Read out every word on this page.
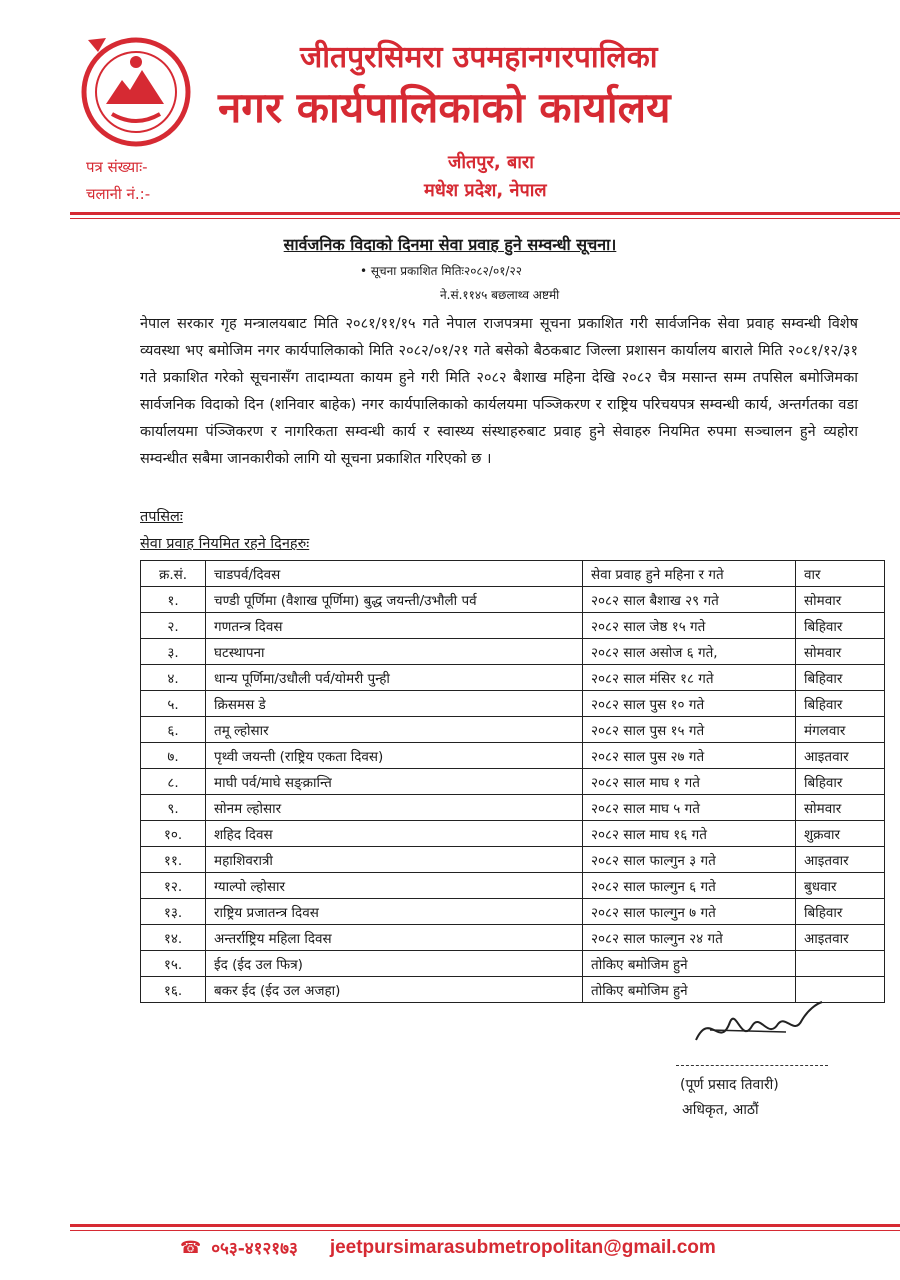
जीतपुरसिमरा उपमहानगरपालिका
नगर कार्यपालिकाको कार्यालय
जीतपुर, बारा
मधेश प्रदेश, नेपाल
पत्र संख्याः-
चलानी नं.:-
सार्वजनिक विदाको दिनमा सेवा प्रवाह हुने सम्वन्धी सूचना।
• सूचना प्रकाशित मितिः२०८२/०१/२२
ने.सं.११४५ बछलाथ्व अष्टमी
नेपाल सरकार गृह मन्त्रालयबाट मिति २०८१/११/१५ गते नेपाल राजपत्रमा सूचना प्रकाशित गरी सार्वजनिक सेवा प्रवाह सम्वन्धी विशेष व्यवस्था भए बमोजिम नगर कार्यपालिकाको मिति २०८२/०१/२१ गते बसेको बैठकबाट जिल्ला प्रशासन कार्यालय बाराले मिति २०८१/१२/३१ गते प्रकाशित गरेको सूचनासँग तादाम्यता कायम हुने गरी मिति २०८२ बैशाख महिना देखि २०८२ चैत्र मसान्त सम्म तपसिल बमोजिमका सार्वजनिक विदाको दिन (शनिवार बाहेक) नगर कार्यपालिकाको कार्यलयमा पञ्जिकरण र राष्ट्रिय परिचयपत्र सम्वन्धी कार्य, अन्तर्गतका वडा कार्यालयमा पंञ्जिकरण र नागरिकता सम्वन्धी कार्य र स्वास्थ्य संस्थाहरुबाट प्रवाह हुने सेवाहरु नियमित रुपमा सञ्चालन हुने व्यहोरा सम्वन्धीत सबैमा जानकारीको लागि यो सूचना प्रकाशित गरिएको छ ।
तपसिलः
सेवा प्रवाह नियमित रहने दिनहरुः
क्र.सं.	चाडपर्व/दिवस	सेवा प्रवाह हुने महिना र गते	वार
१.	चण्डी पूर्णिमा (वैशाख पूर्णिमा) बुद्ध जयन्ती/उभौली पर्व	२०८२ साल बैशाख २९ गते	सोमवार
२.	गणतन्त्र दिवस	२०८२ साल जेष्ठ १५ गते	बिहिवार
३.	घटस्थापना	२०८२ साल असोज ६ गते,	सोमवार
४.	धान्य पूर्णिमा/उधौली पर्व/योमरी पुन्ही	२०८२ साल मंसिर १८ गते	बिहिवार
५.	क्रिसमस डे	२०८२ साल पुस १० गते	बिहिवार
६.	तमू ल्होसार	२०८२ साल पुस १५ गते	मंगलवार
७.	पृथ्वी जयन्ती (राष्ट्रिय एकता दिवस)	२०८२ साल पुस २७ गते	आइतवार
८.	माघी पर्व/माघे सङ्क्रान्ति	२०८२ साल माघ १ गते	बिहिवार
९.	सोनम ल्होसार	२०८२ साल माघ ५ गते	सोमवार
१०.	शहिद दिवस	२०८२ साल माघ १६ गते	शुक्रवार
११.	महाशिवरात्री	२०८२ साल फाल्गुन ३ गते	आइतवार
१२.	ग्याल्पो ल्होसार	२०८२ साल फाल्गुन ६ गते	बुधवार
१३.	राष्ट्रिय प्रजातन्त्र दिवस	२०८२ साल फाल्गुन ७ गते	बिहिवार
१४.	अन्तर्राष्ट्रिय महिला दिवस	२०८२ साल फाल्गुन २४ गते	आइतवार
१५.	ईद (ईद उल फित्र)	तोकिए बमोजिम हुने	
१६.	बकर ईद (ईद उल अजहा)	तोकिए बमोजिम हुने	
(पूर्ण प्रसाद तिवारी)
अधिकृत, आठौं
☎ ०५३-४१२१७३ jeetpursimarasubmetropolitan@gmail.com
